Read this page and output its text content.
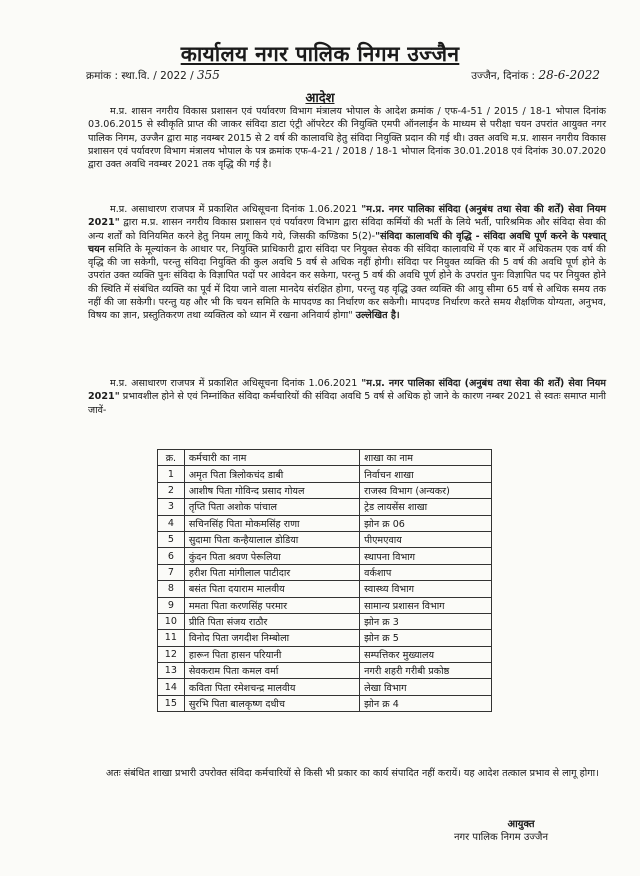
कार्यालय नगर पालिक निगम उज्जैन
क्रमांक : स्था.वि. / 2022 / 355	उज्जैन, दिनांक : 28-6-2022
आदेश
म.प्र. शासन नगरीय विकास प्रशासन एवं पर्यावरण विभाग मंत्रालय भोपाल के आदेश क्रमांक / एफ-4-51 / 2015 / 18-1 भोपाल दिनांक 03.06.2015 से स्वीकृति प्राप्त की जाकर संविदा डाटा एंट्री ऑपरेटर की नियुक्ति एमपी ऑनलाईन के माध्यम से परीक्षा चयन उपरांत आयुक्त नगर पालिक निगम, उज्जैन द्वारा माह नवम्बर 2015 से 2 वर्ष की कालावधि हेतु संविदा नियुक्ति प्रदान की गई थी। उक्त अवधि म.प्र. शासन नगरीय विकास प्रशासन एवं पर्यावरण विभाग मंत्रालय भोपाल के पत्र क्रमांक एफ-4-21 / 2018 / 18-1 भोपाल दिनांक 30.01.2018 एवं दिनांक 30.07.2020 द्वारा उक्त अवधि नवम्बर 2021 तक वृद्धि की गई है।
म.प्र. असाधारण राजपत्र में प्रकाशित अधिसूचना दिनांक 1.06.2021 "म.प्र. नगर पालिका संविदा (अनुबंध तथा सेवा की शर्तें) सेवा नियम 2021" द्वारा म.प्र. शासन नगरीय विकास प्रशासन एवं पर्यावरण विभाग द्वारा संविदा कर्मियों की भर्ती के लिये भर्ती, पारिश्रमिक और संविदा सेवा की अन्य शर्तों को विनियमित करने हेतु नियम लागू किये गये, जिसकी कण्डिका 5(2)-"संविदा कालावधि की वृद्धि - संविदा अवधि पूर्ण करने के पश्चात् चयन समिति के मूल्यांकन के आधार पर, नियुक्ति प्राधिकारी द्वारा संविदा पर नियुक्त सेवक की संविदा कालावधि में एक बार में अधिकतम एक वर्ष की वृद्धि की जा सकेगी, परन्तु संविदा नियुक्ति की कुल अवधि 5 वर्ष से अधिक नहीं होगी। संविदा पर नियुक्त व्यक्ति की 5 वर्ष की अवधि पूर्ण होने के उपरांत उक्त व्यक्ति पुनः संविदा के विज्ञापित पदों पर आवेदन कर सकेगा, परन्तु 5 वर्ष की अवधि पूर्ण होने के उपरांत पुनः विज्ञापित पद पर नियुक्त होने की स्थिति में संबंधित व्यक्ति का पूर्व में दिया जाने वाला मानदेय संरक्षित होगा, परन्तु यह वृद्धि उक्त व्यक्ति की आयु सीमा 65 वर्ष से अधिक समय तक नहीं की जा सकेगी। परन्तु यह और भी कि चयन समिति के मापदण्ड का निर्धारण कर सकेगी। मापदण्ड निर्धारण करते समय शैक्षणिक योग्यता, अनुभव, विषय का ज्ञान, प्रस्तुतिकरण तथा व्यक्तित्व को ध्यान में रखना अनिवार्य होगा" उल्लेखित है।
म.प्र. असाधारण राजपत्र में प्रकाशित अधिसूचना दिनांक 1.06.2021 "म.प्र. नगर पालिका संविदा (अनुबंध तथा सेवा की शर्तें) सेवा नियम 2021" प्रभावशील होने से एवं निम्नांकित संविदा कर्मचारियों की संविदा अवधि 5 वर्ष से अधिक हो जाने के कारण नम्बर 2021 से स्वतः समाप्त मानी जावें-
क्र.	कर्मचारी का नाम	शाखा का नाम
1	अमृत पिता त्रिलोकचंद डाबी	निर्वाचन शाखा
2	आशीष पिता गोविन्द प्रसाद गोयल	राजस्व विभाग (अन्यकर)
3	तृप्ति पिता अशोक पांचाल	ट्रेड लायसेंस शाखा
4	सचिनसिंह पिता मोकमसिंह राणा	झोन क्र 06
5	सुदामा पिता कन्हैयालाल डोडिया	पीएमएवाय
6	कुंदन पिता श्रवण पेरूलिया	स्थापना विभाग
7	हरीश पिता मांगीलाल पाटीदार	वर्कशाप
8	बसंत पिता दयाराम मालवीय	स्वास्थ्य विभाग
9	ममता पिता करणसिंह परमार	सामान्य प्रशासन विभाग
10	प्रीति पिता संजय राठौर	झोन क्र 3
11	विनोद पिता जगदीश निम्बोला	झोन क्र 5
12	हारून पिता हासन परियानी	सम्पत्तिकर मुख्यालय
13	सेवकराम पिता कमल वर्मा	नगरी शहरी गरीबी प्रकोष्ठ
14	कविता पिता रमेशचन्द्र मालवीय	लेखा विभाग
15	सुरभि पिता बालकृष्ण दधीच	झोन क्र 4
अतः संबंधित शाखा प्रभारी उपरोक्त संविदा कर्मचारियों से किसी भी प्रकार का कार्य संपादित नहीं करायें। यह आदेश तत्काल प्रभाव से लागू होगा।
आयुक्त
नगर पालिक निगम उज्जैन
